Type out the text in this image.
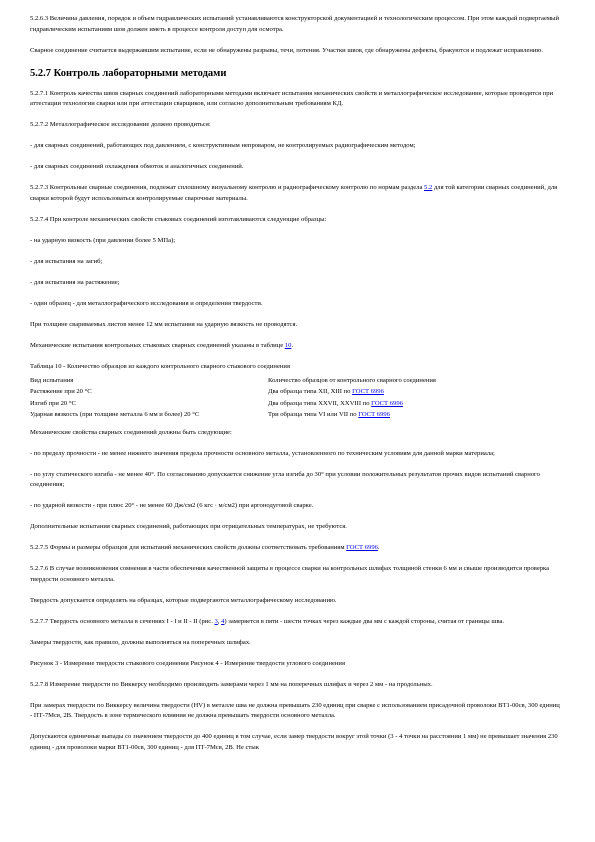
5.2.6.3 Величина давления, порядок и объем гидравлических испытаний устанавливаются конструкторской документацией и технологическим процессом. При этом каждый подвергаемый гидравлическим испытаниям шов должен иметь в процессе контроля доступ для осмотра.

Сварное соединение считается выдержавшим испытание, если не обнаружены разрывы, течи, потения. Участки швов, где обнаружены дефекты, бракуются и подлежат исправлению.

5.2.7 Контроль лабораторными методами

5.2.7.1 Контроль качества швов сварных соединений лабораторными методами включает испытания механических свойств и металлографическое исследование, которые проводятся при аттестации технологии сварки или при аттестации сварщиков, или согласно дополнительным требованиям КД.

5.2.7.2 Металлографическое исследование должно проводиться:

- для сварных соединений, работающих под давлением, с конструктивным непроваром, не контролируемых радиографическим методом;

- для сварных соединений охлаждения обмоток и аналогичных соединений.

5.2.7.3 Контрольные сварные соединения, подлежат сплошному визуальному контролю и радиографическому контролю по нормам раздела 5.2 для той категории сварных соединений, для сварки которой будут использоваться контролируемые сварочные материалы.

5.2.7.4 При контроле механических свойств стыковых соединений изготавливаются следующие образцы:

- на ударную вязкость (при давлении более 5 МПа);

- для испытания на загиб;

- для испытания на растяжение;

- один образец - для металлографического исследования и определения твердости.

При толщине свариваемых листов менее 12 мм испытания на ударную вязкость не проводятся.

Механические испытания контрольных стыковых сварных соединений указаны в таблице 10.

Таблица 10 - Количество образцов из каждого контрольного сварного стыкового соединения

Вид испытания	Количество образцов от контрольного сварного соединения
Растяжение при 20 °С	Два образца типа XII, XIII по ГОСТ 6996
Изгиб при 20 °С	Два образца типа XXVII, XXVIII по ГОСТ 6996
Ударная вязкость (при толщине металла 6 мм и более) 20 °С	Три образца типа VI или VII по ГОСТ 6996

Механические свойства сварных соединений должны быть следующие:

- по пределу прочности - не менее нижнего значения предела прочности основного металла, установленного по техническим условиям для данной марки материала;

- по углу статического изгиба - не менее 40°. По согласованию допускается снижение угла изгиба до 30° при условии положительных результатов прочих видов испытаний сварного соединения;

- по ударной вязкости - при плюс 20° - не менее 60 Дж/см2 (6 кгс · м/см2) при аргонодуговой сварке.

Дополнительные испытания сварных соединений, работающих при отрицательных температурах, не требуются.

5.2.7.5 Формы и размеры образцов для испытаний механических свойств должны соответствовать требованиям ГОСТ 6996.

5.2.7.6 В случае возникновения сомнения в части обеспечения качественной защиты в процессе сварки на контрольных шлифах толщиной стенки 6 мм и свыше производится проверка твердости основного металла.

Твердость допускается определять на образцах, которые подвергаются металлографическому исследованию.

5.2.7.7 Твердость основного металла в сечениях I - I и II - II (рис. 3, 4) замеряется в пяти - шести точках через каждые два мм с каждой стороны, считая от границы шва.

Замеры твердости, как правило, должны выполняться на поперечных шлифах.

Рисунок 3 - Измерение твердости стыкового соединения Рисунок 4 - Измерение твердости углового соединения

5.2.7.8 Измерение твердости по Виккерсу необходимо производить замерами через 1 мм на поперечных шлифах и через 2 мм - на продольных.

При замерах твердости по Виккерсу величина твердости (HV) в металле шва не должна превышать 230 единиц при сварке с использованием присадочной проволоки ВТ1-00св, 300 единиц - ПТ-7Мсв, 2В. Твердость в зоне термического влияния не должна превышать твердости основного металла.

Допускаются единичные выпады со значением твердости до 400 единиц в том случае, если замер твердости вокруг этой точки (3 - 4 точки на расстоянии 1 мм) не превышает значения 230 единиц - для проволоки марки ВТ1-00св, 300 единиц - для ПТ-7Мсв, 2В. Не стык
